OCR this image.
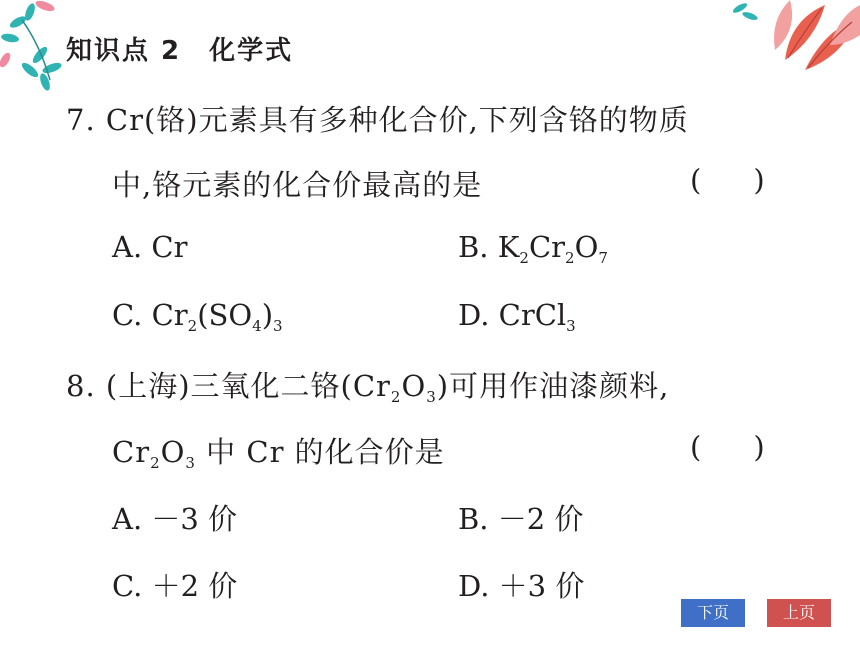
知识点 2　化学式
7. Cr(铬)元素具有多种化合价,下列含铬的物质
中,铬元素的化合价最高的是	( )
A. Cr	B. $K_2Cr_2O_7$
C. $Cr_2(SO_4)_3$	D. CrCl$_3$
8. (上海)三氧化二铬$(Cr_2O_3)$可用作油漆颜料,
$Cr_2O_3$ 中 Cr 的化合价是	( )
A. －3 价	B. －2 价
C. ＋2 价	D. ＋3 价
下页	上页
